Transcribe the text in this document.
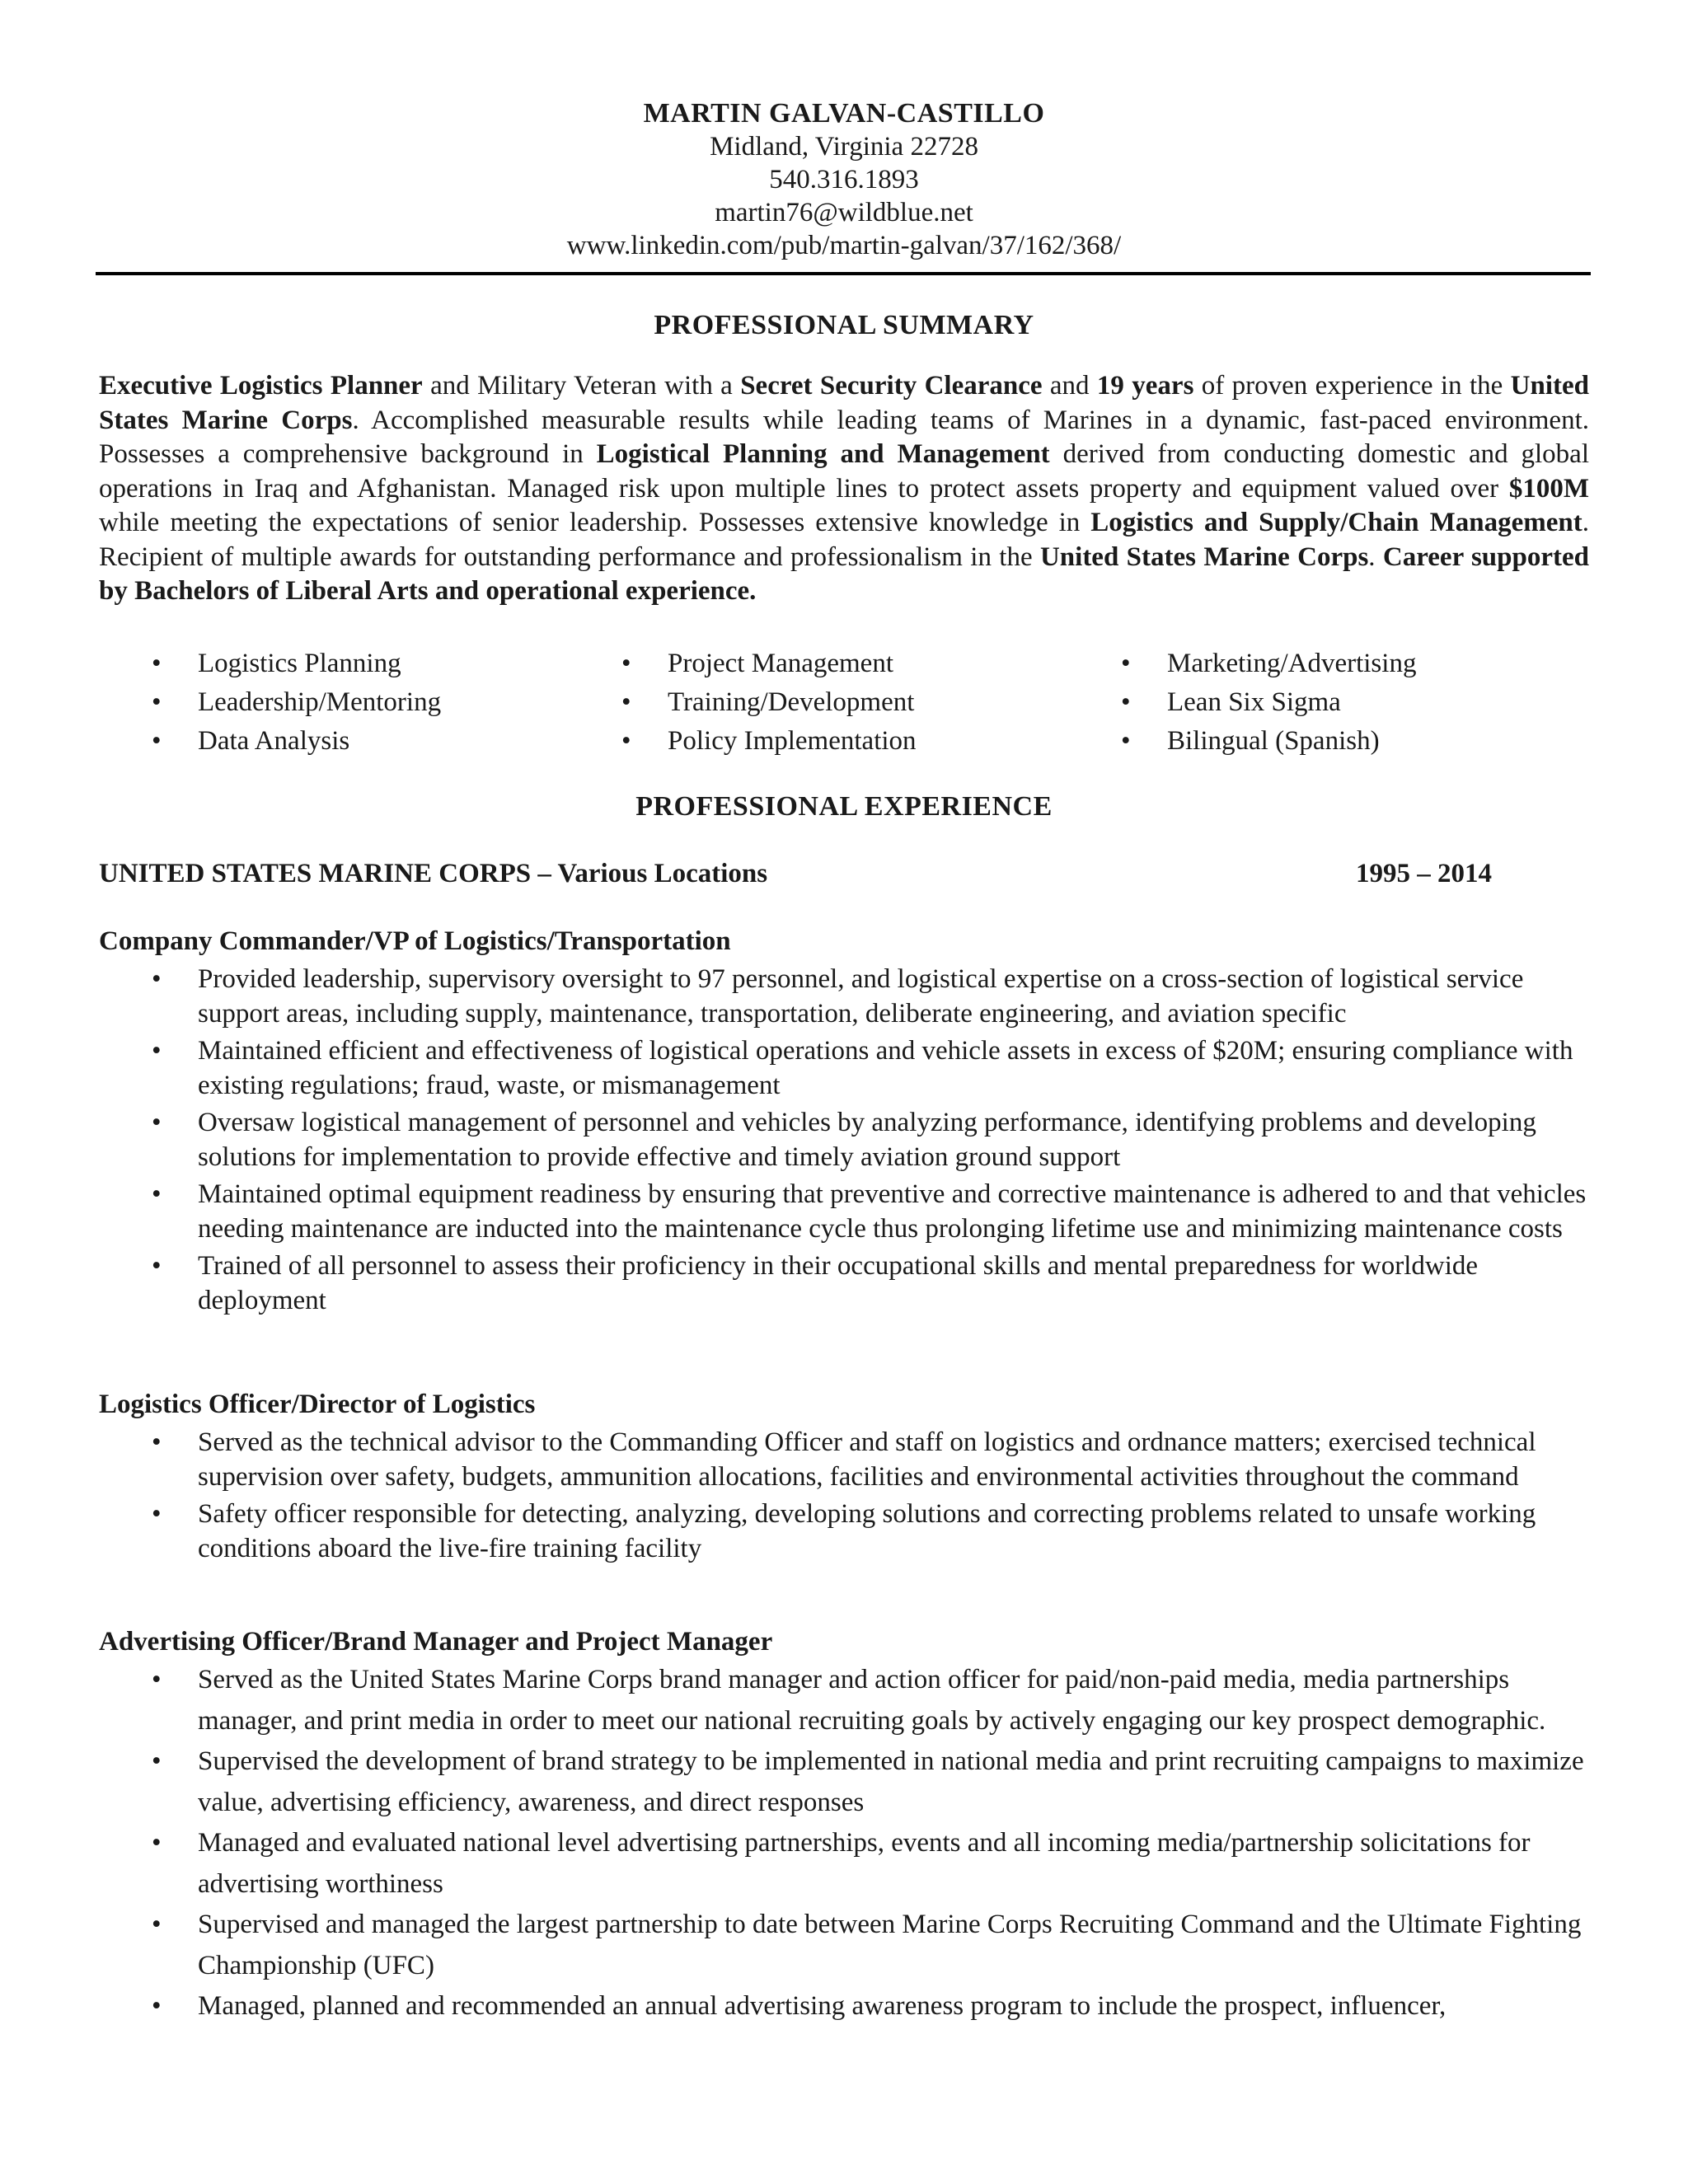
MARTIN GALVAN-CASTILLO
Midland, Virginia 22728
540.316.1893
martin76@wildblue.net
www.linkedin.com/pub/martin-galvan/37/162/368/
PROFESSIONAL SUMMARY
Executive Logistics Planner and Military Veteran with a Secret Security Clearance and 19 years of proven experience in the United States Marine Corps. Accomplished measurable results while leading teams of Marines in a dynamic, fast-paced environment. Possesses a comprehensive background in Logistical Planning and Management derived from conducting domestic and global operations in Iraq and Afghanistan. Managed risk upon multiple lines to protect assets property and equipment valued over $100M while meeting the expectations of senior leadership. Possesses extensive knowledge in Logistics and Supply/Chain Management. Recipient of multiple awards for outstanding performance and professionalism in the United States Marine Corps. Career supported by Bachelors of Liberal Arts and operational experience.
• Logistics Planning
• Leadership/Mentoring
• Data Analysis
• Project Management
• Training/Development
• Policy Implementation
• Marketing/Advertising
• Lean Six Sigma
• Bilingual (Spanish)
PROFESSIONAL EXPERIENCE
UNITED STATES MARINE CORPS – Various Locations	1995 – 2014
Company Commander/VP of Logistics/Transportation
• Provided leadership, supervisory oversight to 97 personnel, and logistical expertise on a cross-section of logistical service support areas, including supply, maintenance, transportation, deliberate engineering, and aviation specific
• Maintained efficient and effectiveness of logistical operations and vehicle assets in excess of $20M; ensuring compliance with existing regulations; fraud, waste, or mismanagement
• Oversaw logistical management of personnel and vehicles by analyzing performance, identifying problems and developing solutions for implementation to provide effective and timely aviation ground support
• Maintained optimal equipment readiness by ensuring that preventive and corrective maintenance is adhered to and that vehicles needing maintenance are inducted into the maintenance cycle thus prolonging lifetime use and minimizing maintenance costs
• Trained of all personnel to assess their proficiency in their occupational skills and mental preparedness for worldwide deployment
Logistics Officer/Director of Logistics
• Served as the technical advisor to the Commanding Officer and staff on logistics and ordnance matters; exercised technical supervision over safety, budgets, ammunition allocations, facilities and environmental activities throughout the command
• Safety officer responsible for detecting, analyzing, developing solutions and correcting problems related to unsafe working conditions aboard the live-fire training facility
Advertising Officer/Brand Manager and Project Manager
• Served as the United States Marine Corps brand manager and action officer for paid/non-paid media, media partnerships manager, and print media in order to meet our national recruiting goals by actively engaging our key prospect demographic.
• Supervised the development of brand strategy to be implemented in national media and print recruiting campaigns to maximize value, advertising efficiency, awareness, and direct responses
• Managed and evaluated national level advertising partnerships, events and all incoming media/partnership solicitations for advertising worthiness
• Supervised and managed the largest partnership to date between Marine Corps Recruiting Command and the Ultimate Fighting Championship (UFC)
• Managed, planned and recommended an annual advertising awareness program to include the prospect, influencer,
